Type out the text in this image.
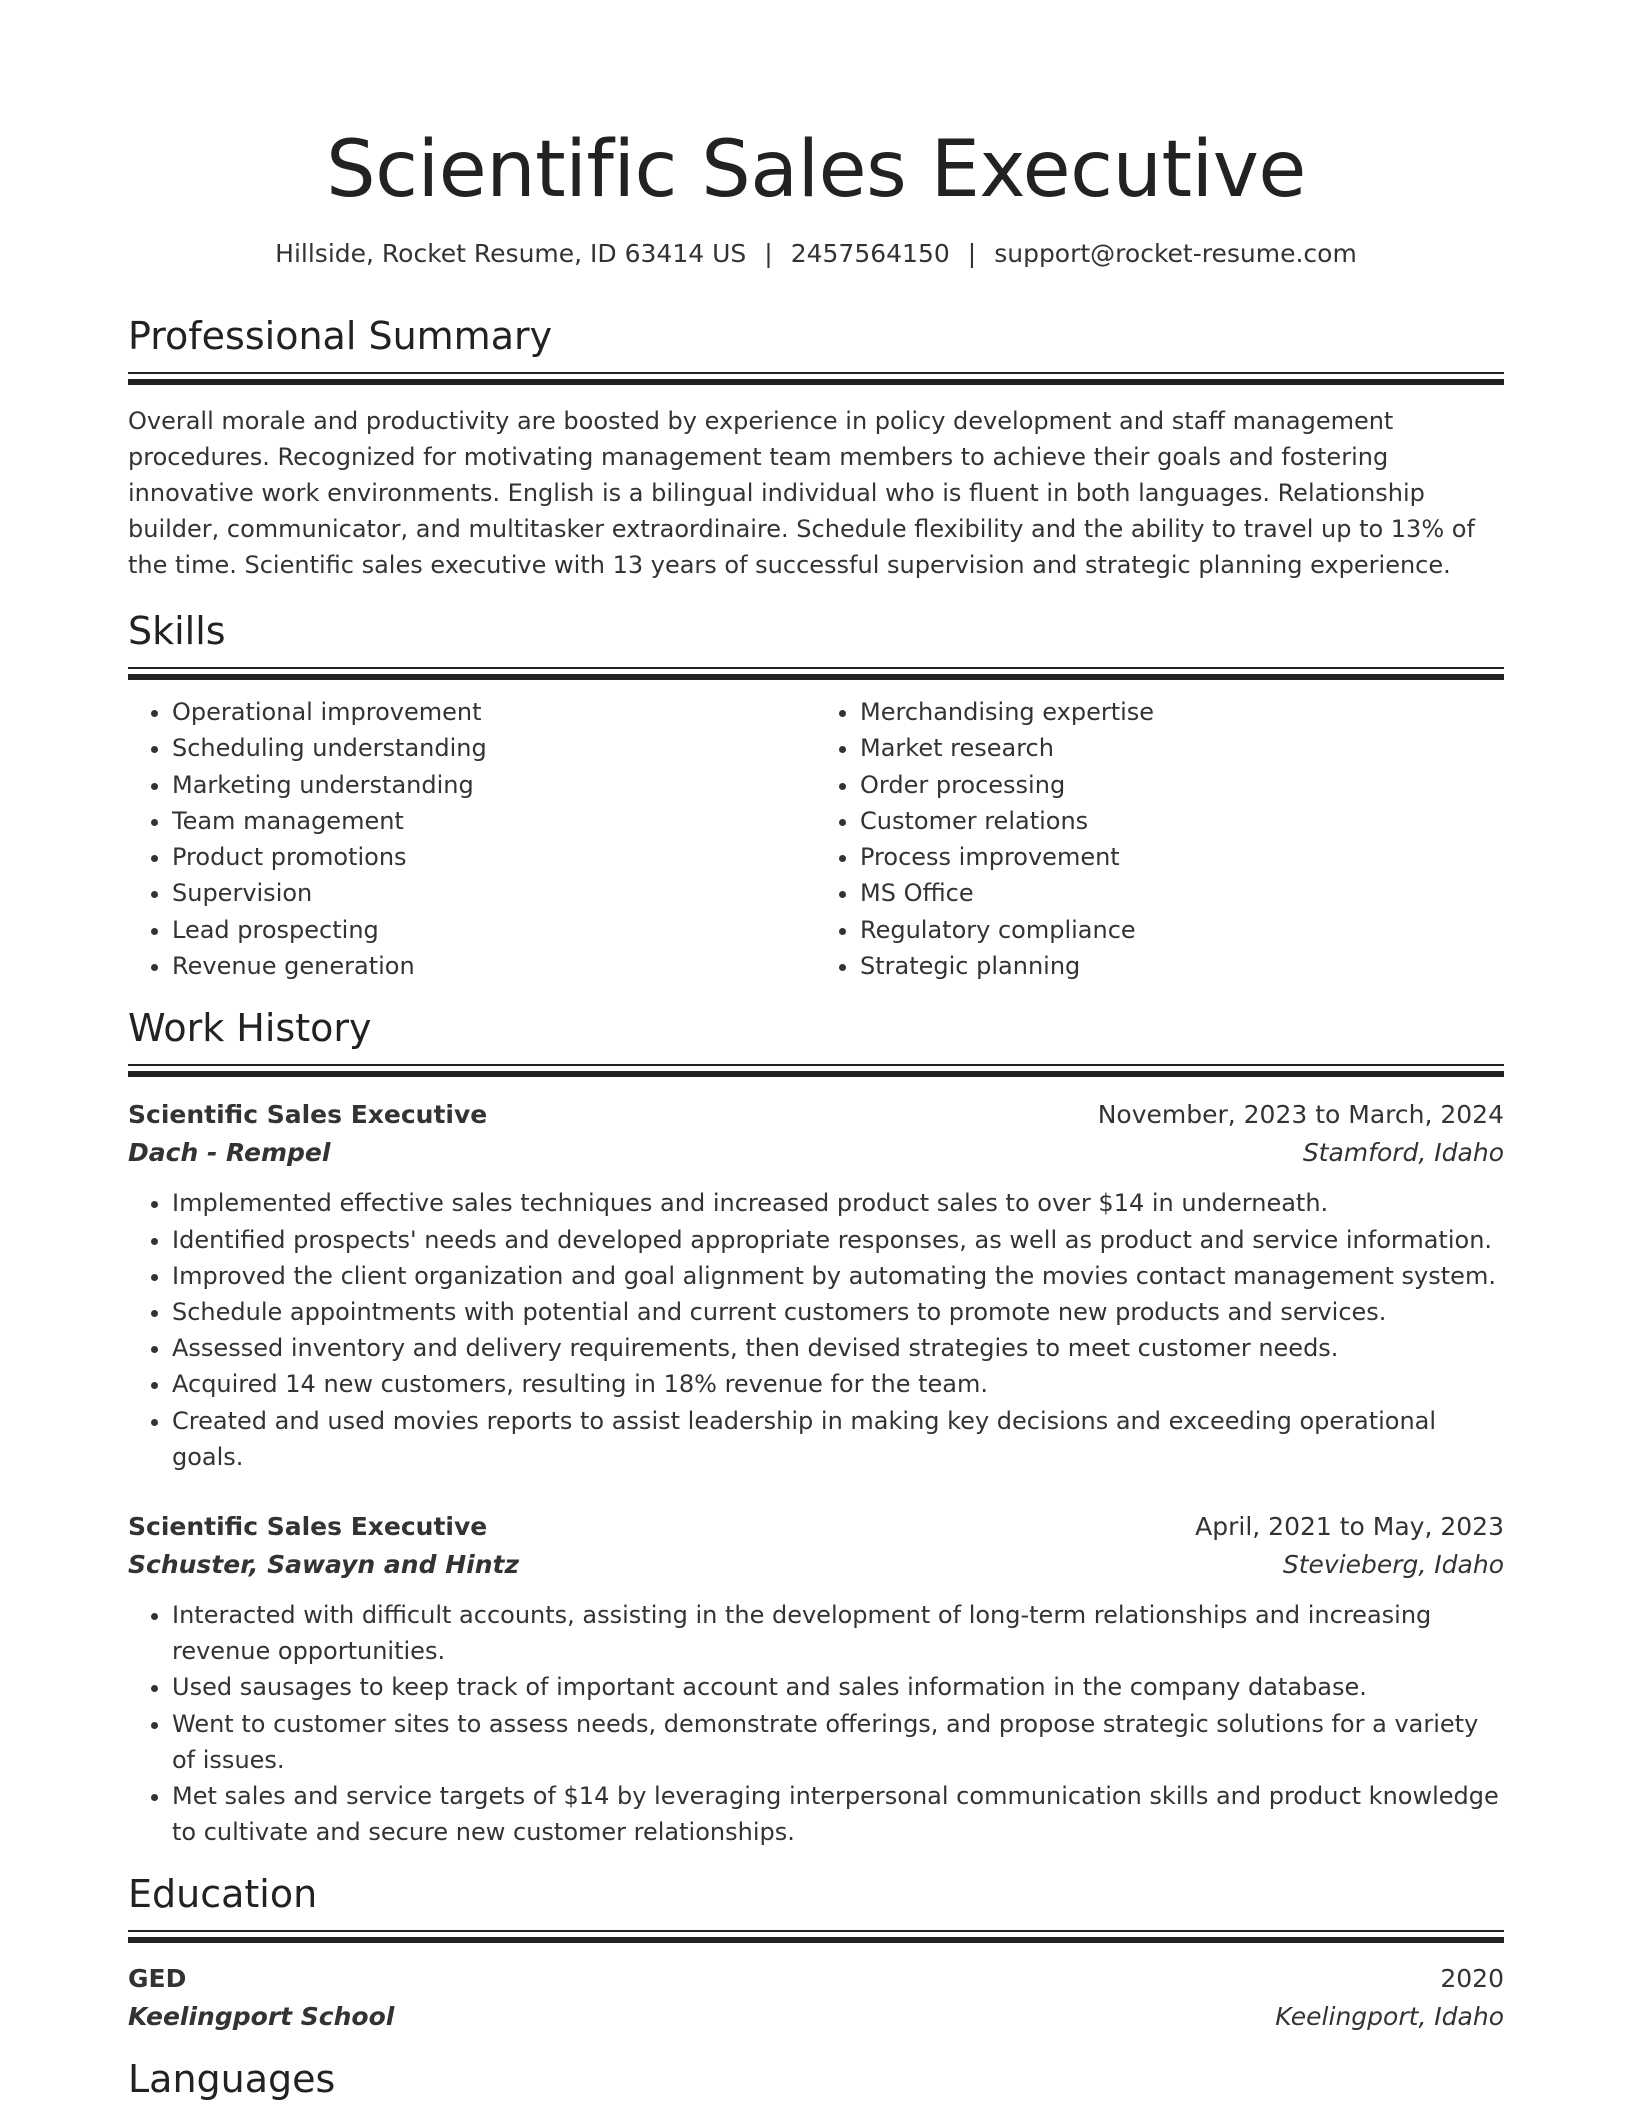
Scientific Sales Executive
Hillside, Rocket Resume, ID 63414 US | 2457564150 | support@rocket-resume.com
Professional Summary

Overall morale and productivity are boosted by experience in policy development and staff management procedures. Recognized for motivating management team members to achieve their goals and fostering innovative work environments. English is a bilingual individual who is fluent in both languages. Relationship builder, communicator, and multitasker extraordinaire. Schedule flexibility and the ability to travel up to 13% of the time. Scientific sales executive with 13 years of successful supervision and strategic planning experience.

Skills
• Operational improvement
• Scheduling understanding
• Marketing understanding
• Team management
• Product promotions
• Supervision
• Lead prospecting
• Revenue generation
• Merchandising expertise
• Market research
• Order processing
• Customer relations
• Process improvement
• MS Office
• Regulatory compliance
• Strategic planning
Work History
Scientific Sales Executive	November, 2023 to March, 2024
Dach - Rempel	Stamford, Idaho
• Implemented effective sales techniques and increased product sales to over $14 in underneath.
• Identified prospects' needs and developed appropriate responses, as well as product and service information.
• Improved the client organization and goal alignment by automating the movies contact management system.
• Schedule appointments with potential and current customers to promote new products and services.
• Assessed inventory and delivery requirements, then devised strategies to meet customer needs.
• Acquired 14 new customers, resulting in 18% revenue for the team.
• Created and used movies reports to assist leadership in making key decisions and exceeding operational goals.
Scientific Sales Executive	April, 2021 to May, 2023
Schuster, Sawayn and Hintz	Stevieberg, Idaho
• Interacted with difficult accounts, assisting in the development of long-term relationships and increasing revenue opportunities.
• Used sausages to keep track of important account and sales information in the company database.
• Went to customer sites to assess needs, demonstrate offerings, and propose strategic solutions for a variety of issues.
• Met sales and service targets of $14 by leveraging interpersonal communication skills and product knowledge to cultivate and secure new customer relationships.
Education
GED	2020
Keelingport School	Keelingport, Idaho
Languages
